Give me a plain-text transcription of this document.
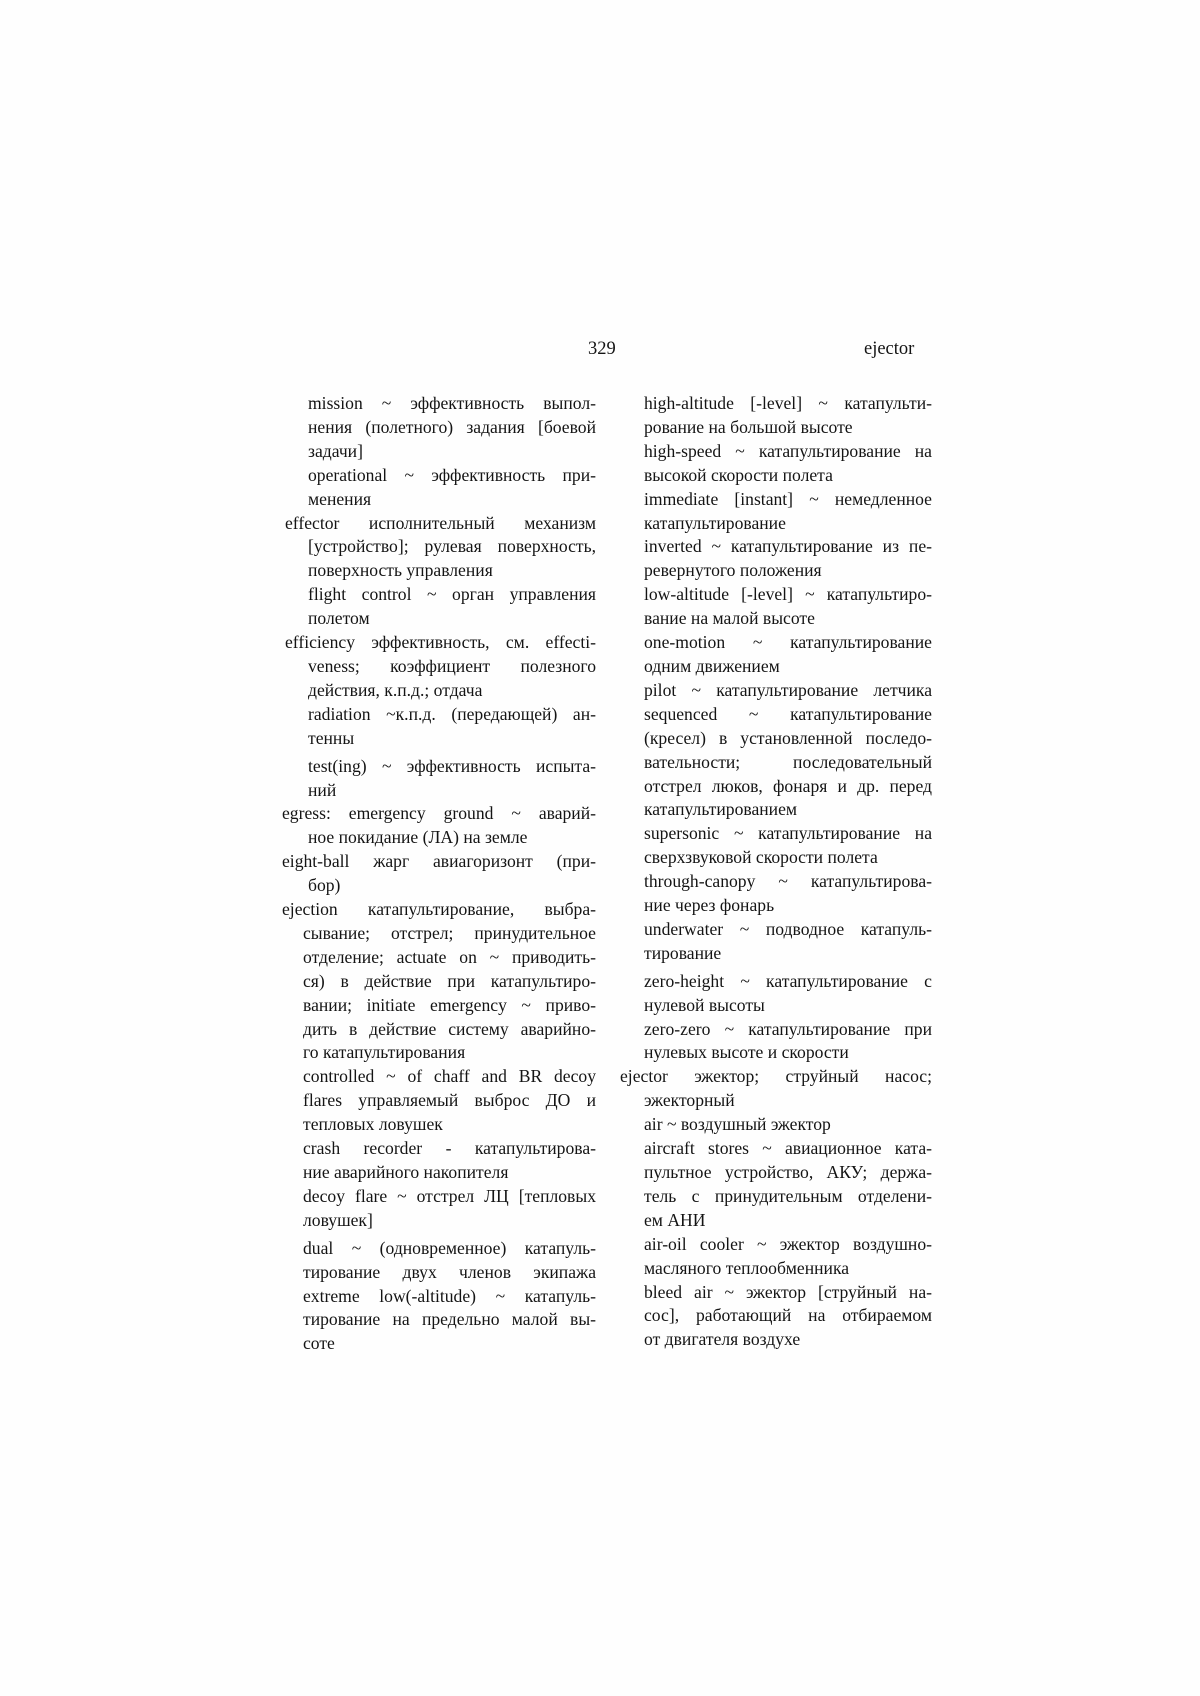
329	ejector
mission ~ эффективность выпол-
нения (полетного) задания [боевой
задачи]
operational ~ эффективность при-
менения
effector исполнительный механизм
[устройство]; рулевая поверхность,
поверхность управления
flight control ~ орган управления
полетом
efficiency эффективность, см. effecti-
veness; коэффициент полезного
действия, к.п.д.; отдача
radiation ~к.п.д. (передающей) ан-
тенны
test(ing) ~ эффективность испыта-
ний
egress: emergency ground ~ аварий-
ное покидание (ЛА) на земле
eight-ball жарг авиагоризонт (при-
бор)
ejection катапультирование, выбра-
сывание; отстрел; принудительное
отделение; actuate on ~ приводить-
ся) в действие при катапультиро-
вании; initiate emergency ~ приво-
дить в действие систему аварийно-
го катапультирования
controlled ~ of chaff and BR decoy
flares управляемый выброс ДО и
тепловых ловушек
crash recorder - катапультирова-
ние аварийного накопителя
decoy flare ~ отстрел ЛЦ [тепловых
ловушек]
dual ~ (одновременное) катапуль-
тирование двух членов экипажа
extreme low(-altitude) ~ катапуль-
тирование на предельно малой вы-
соте
high-altitude [-level] ~ катапульти-
рование на большой высоте
high-speed ~ катапультирование на
высокой скорости полета
immediate [instant] ~ немедленное
катапультирование
inverted ~ катапультирование из пе-
ревернутого положения
low-altitude [-level] ~ катапультиро-
вание на малой высоте
one-motion ~ катапультирование
одним движением
pilot ~ катапультирование летчика
sequenced ~ катапультирование
(кресел) в установленной последо-
вательности; последовательный
отстрел люков, фонаря и др. перед
катапультированием
supersonic ~ катапультирование на
сверхзвуковой скорости полета
through-canopy ~ катапультирова-
ние через фонарь
underwater ~ подводное катапуль-
тирование
zero-height ~ катапультирование с
нулевой высоты
zero-zero ~ катапультирование при
нулевых высоте и скорости
ejector эжектор; струйный насос;
эжекторный
air ~ воздушный эжектор
aircraft stores ~ авиационное ката-
пультное устройство, АКУ; держа-
тель с принудительным отделени-
ем АНИ
air-oil cooler ~ эжектор воздушно-
масляного теплообменника
bleed air ~ эжектор [струйный на-
сос], работающий на отбираемом
от двигателя воздухе
